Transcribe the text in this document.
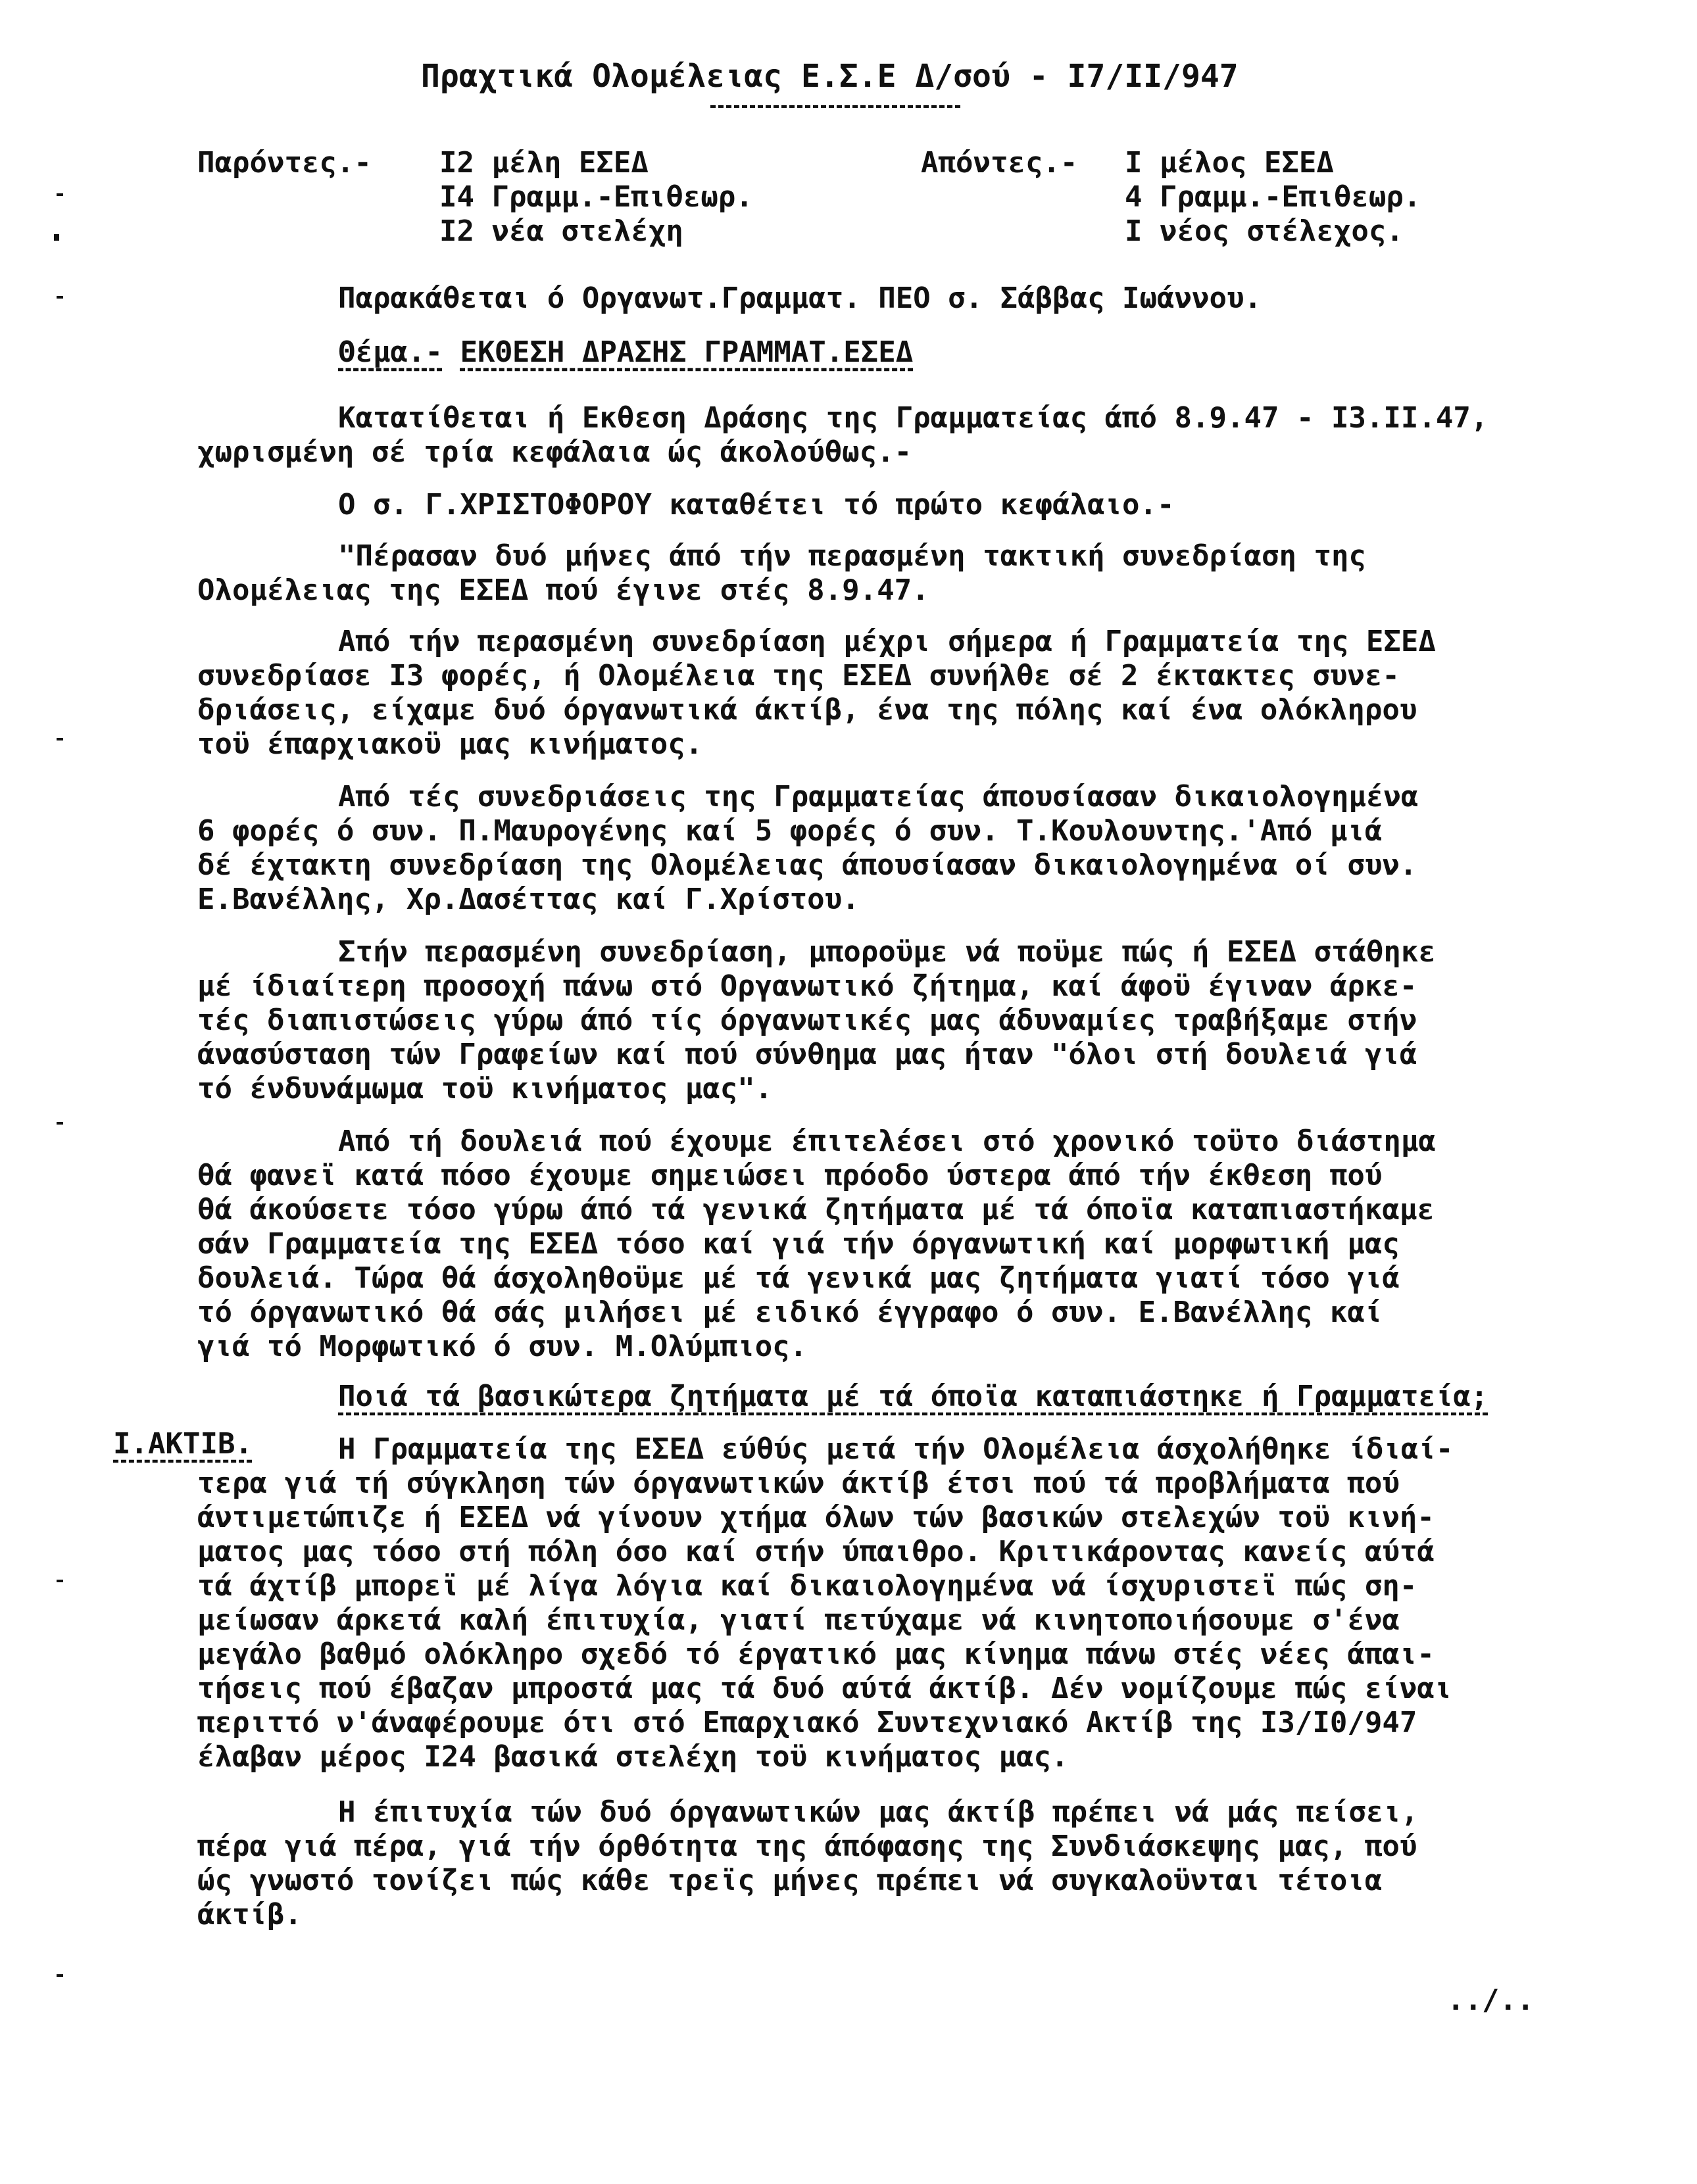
Πραχτικά Ολομέλειας Ε.Σ.Ε Δ/σού - Ι7/ΙΙ/947
Παρόντες.- Ι2 μέλη ΕΣΕΔ
Ι4 Γραμμ.-Επιθεωρ.
Ι2 νέα στελέχη
Απόντες.- Ι μέλος ΕΣΕΔ
4 Γραμμ.-Επιθεωρ.
Ι νέος στέλεχος.
Παρακάθεται ό Οργανωτ.Γραμματ. ΠΕΟ σ. Σάββας Ιωάννου.
Θέμα.- ΕΚΘΕΣΗ ΔΡΑΣΗΣ ΓΡΑΜΜΑΤ.ΕΣΕΔ
Κατατίθεται ή Εκθεση Δράσης της Γραμματείας άπό 8.9.47 - Ι3.ΙΙ.47,
χωρισμένη σέ τρία κεφάλαια ώς άκολούθως.-
Ο σ. Γ.ΧΡΙΣΤΟΦΟΡΟΥ καταθέτει τό πρώτο κεφάλαιο.-
"Πέρασαν δυό μήνες άπό τήν περασμένη τακτική συνεδρίαση της
Ολομέλειας της ΕΣΕΔ πού έγινε στές 8.9.47.
Από τήν περασμένη συνεδρίαση μέχρι σήμερα ή Γραμματεία της ΕΣΕΔ
συνεδρίασε Ι3 φορές, ή Ολομέλεια της ΕΣΕΔ συνήλθε σέ 2 έκτακτες συνε-
δριάσεις, είχαμε δυό όργανωτικά άκτίβ, ένα της πόλης καί ένα ολόκληρου
τοϋ έπαρχιακοϋ μας κινήματος.
Από τές συνεδριάσεις της Γραμματείας άπουσίασαν δικαιολογημένα
6 φορές ό συν. Π.Μαυρογένης καί 5 φορές ό συν. Τ.Κουλουντης.'Από μιά
δέ έχτακτη συνεδρίαση της Ολομέλειας άπουσίασαν δικαιολογημένα οί συν.
Ε.Βανέλλης, Χρ.Δασέττας καί Γ.Χρίστου.
Στήν περασμένη συνεδρίαση, μποροϋμε νά ποϋμε πώς ή ΕΣΕΔ στάθηκε
μέ ίδιαίτερη προσοχή πάνω στό Οργανωτικό ζήτημα, καί άφοϋ έγιναν άρκε-
τές διαπιστώσεις γύρω άπό τίς όργανωτικές μας άδυναμίες τραβήξαμε στήν
άνασύσταση τών Γραφείων καί πού σύνθημα μας ήταν "όλοι στή δουλειά γιά
τό ένδυνάμωμα τοϋ κινήματος μας".
Από τή δουλειά πού έχουμε έπιτελέσει στό χρονικό τοϋτο διάστημα
θά φανεϊ κατά πόσο έχουμε σημειώσει πρόοδο ύστερα άπό τήν έκθεση πού
θά άκούσετε τόσο γύρω άπό τά γενικά ζητήματα μέ τά όποϊα καταπιαστήκαμε
σάν Γραμματεία της ΕΣΕΔ τόσο καί γιά τήν όργανωτική καί μορφωτική μας
δουλειά. Τώρα θά άσχοληθοϋμε μέ τά γενικά μας ζητήματα γιατί τόσο γιά
τό όργανωτικό θά σάς μιλήσει μέ ειδικό έγγραφο ό συν. Ε.Βανέλλης καί
γιά τό Μορφωτικό ό συν. Μ.Ολύμπιος.
Ποιά τά βασικώτερα ζητήματα μέ τά όποϊα καταπιάστηκε ή Γραμματεία;
Ι.ΑΚΤΙΒ.	Η Γραμματεία της ΕΣΕΔ εύθύς μετά τήν Ολομέλεια άσχολήθηκε ίδιαί-
τερα γιά τή σύγκληση τών όργανωτικών άκτίβ έτσι πού τά προβλήματα πού
άντιμετώπιζε ή ΕΣΕΔ νά γίνουν χτήμα όλων τών βασικών στελεχών τοϋ κινή-
ματος μας τόσο στή πόλη όσο καί στήν ύπαιθρο. Κριτικάροντας κανείς αύτά
τά άχτίβ μπορεϊ μέ λίγα λόγια καί δικαιολογημένα νά ίσχυριστεϊ πώς ση-
μείωσαν άρκετά καλή έπιτυχία, γιατί πετύχαμε νά κινητοποιήσουμε σ'ένα
μεγάλο βαθμό ολόκληρο σχεδό τό έργατικό μας κίνημα πάνω στές νέες άπαι-
τήσεις πού έβαζαν μπροστά μας τά δυό αύτά άκτίβ. Δέν νομίζουμε πώς είναι
περιττό ν'άναφέρουμε ότι στό Επαρχιακό Συντεχνιακό Ακτίβ της Ι3/Ι0/947
έλαβαν μέρος Ι24 βασικά στελέχη τοϋ κινήματος μας.
Η έπιτυχία τών δυό όργανωτικών μας άκτίβ πρέπει νά μάς πείσει,
πέρα γιά πέρα, γιά τήν όρθότητα της άπόφασης της Συνδιάσκεψης μας, πού
ώς γνωστό τονίζει πώς κάθε τρεϊς μήνες πρέπει νά συγκαλοϋνται τέτοια
άκτίβ.
../..
